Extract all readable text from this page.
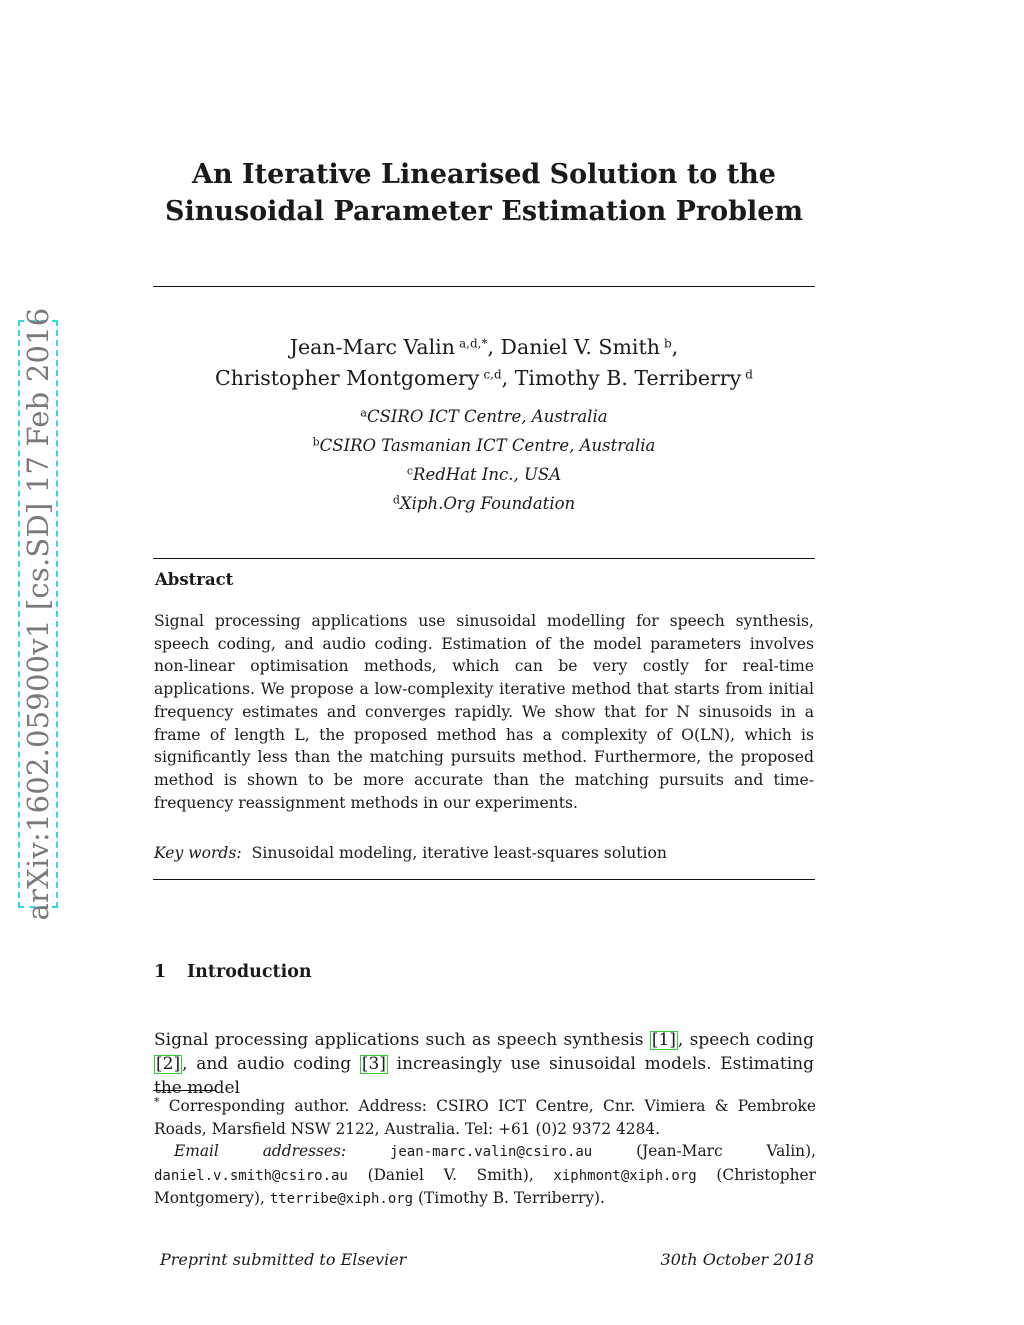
arXiv:1602.05900v1 [cs.SD] 17 Feb 2016
An Iterative Linearised Solution to the
Sinusoidal Parameter Estimation Problem
Jean-Marc Valin  $^{a,d,*}$, Daniel V. Smith  $^b$,
Christopher Montgomery  $^{c,d}$, Timothy B. Terriberry  $^d$
$^a$CSIRO ICT Centre, Australia
$^b$CSIRO Tasmanian ICT Centre, Australia
$^c$RedHat Inc., USA
$^d$Xiph.Org Foundation
Abstract
Signal processing applications use sinusoidal modelling for speech synthesis, speech coding, and audio coding. Estimation of the model parameters involves non-linear optimisation methods, which can be very costly for real-time applications. We propose a low-complexity iterative method that starts from initial frequency estimates and converges rapidly. We show that for N sinusoids in a frame of length L, the proposed method has a complexity of O(LN), which is significantly less than the matching pursuits method. Furthermore, the proposed method is shown to be more accurate than the matching pursuits and time-frequency reassignment methods in our experiments.
Key words: Sinusoidal modeling, iterative least-squares solution
1 Introduction
Signal processing applications such as speech synthesis [1] , speech coding [2] , and audio coding [3] increasingly use sinusoidal models. Estimating the model
* Corresponding author. Address: CSIRO ICT Centre, Cnr. Vimiera & Pembroke Roads, Marsfield NSW 2122, Australia. Tel: +61 (0)2 9372 4284.
Email addresses:	jean-marc.valin@csiro.au	(Jean-Marc Valin), daniel.v.smith@csiro.au (Daniel V. Smith), xiphmont@xiph.org (Christopher Montgomery), tterribe@xiph.org (Timothy B. Terriberry).
Preprint submitted to Elsevier	30th October 2018
